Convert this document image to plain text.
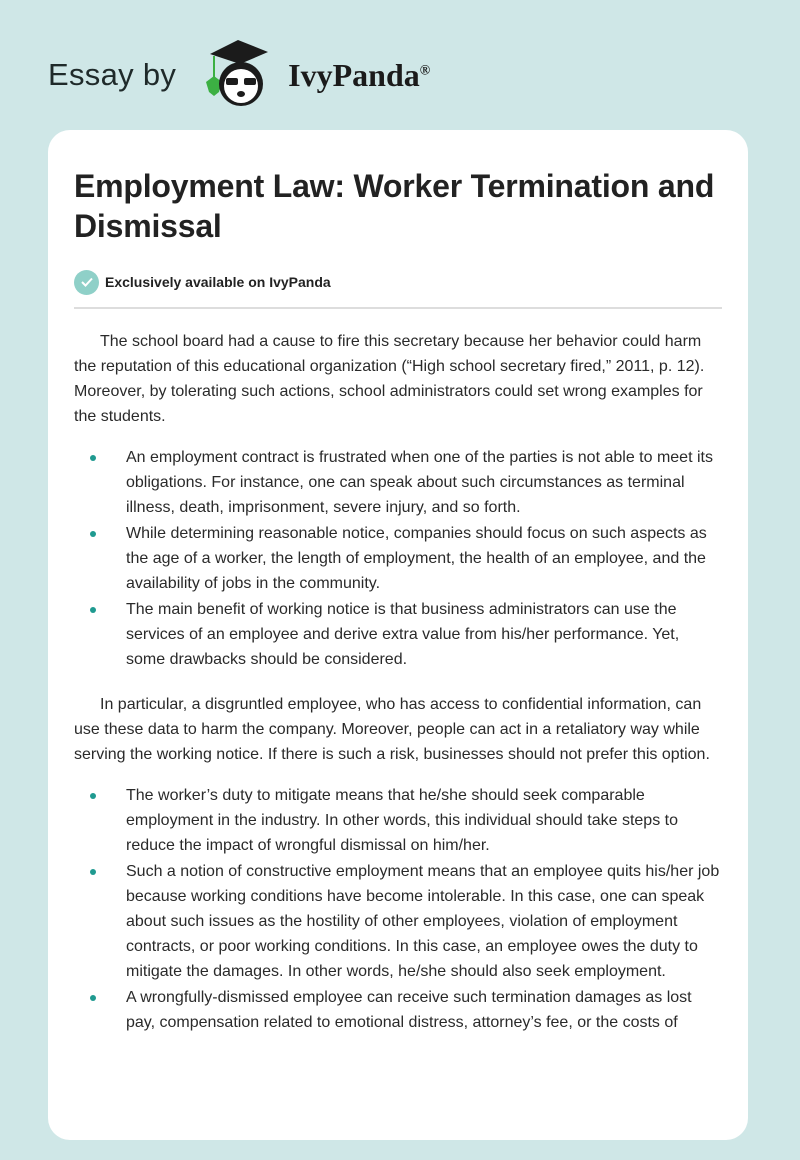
Essay by	IvyPanda®
Employment Law: Worker Termination and Dismissal
Exclusively available on IvyPanda

The school board had a cause to fire this secretary because her behavior could harm the reputation of this educational organization (“High school secretary fired,” 2011, p. 12). Moreover, by tolerating such actions, school administrators could set wrong examples for the students.

An employment contract is frustrated when one of the parties is not able to meet its obligations. For instance, one can speak about such circumstances as terminal illness, death, imprisonment, severe injury, and so forth.
While determining reasonable notice, companies should focus on such aspects as the age of a worker, the length of employment, the health of an employee, and the availability of jobs in the community.
The main benefit of working notice is that business administrators can use the services of an employee and derive extra value from his/her performance. Yet, some drawbacks should be considered.

In particular, a disgruntled employee, who has access to confidential information, can use these data to harm the company. Moreover, people can act in a retaliatory way while serving the working notice. If there is such a risk, businesses should not prefer this option.

The worker’s duty to mitigate means that he/she should seek comparable employment in the industry. In other words, this individual should take steps to reduce the impact of wrongful dismissal on him/her.
Such a notion of constructive employment means that an employee quits his/her job because working conditions have become intolerable. In this case, one can speak about such issues as the hostility of other employees, violation of employment contracts, or poor working conditions. In this case, an employee owes the duty to mitigate the damages. In other words, he/she should also seek employment.
A wrongfully-dismissed employee can receive such termination damages as lost pay, compensation related to emotional distress, attorney’s fee, or the costs of
